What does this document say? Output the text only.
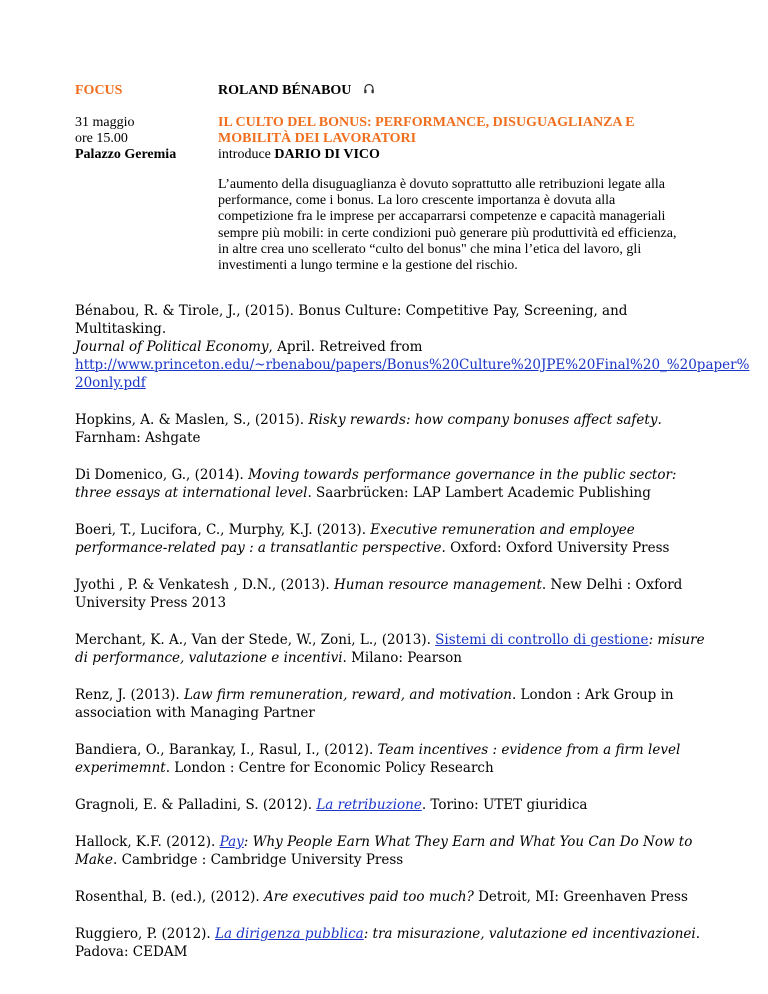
FOCUS	ROLAND BÉNABOU
31 maggio
ore 15.00
Palazzo Geremia
IL CULTO DEL BONUS: PERFORMANCE, DISUGUAGLIANZA E
MOBILITÀ DEI LAVORATORI
introduce DARIO DI VICO
L’aumento della disuguaglianza è dovuto soprattutto alle retribuzioni legate alla
performance, come i bonus. La loro crescente importanza è dovuta alla
competizione fra le imprese per accaparrarsi competenze e capacità manageriali
sempre più mobili: in certe condizioni può generare più produttività ed efficienza,
in altre crea uno scellerato “culto del bonus" che mina l’etica del lavoro, gli
investimenti a lungo termine e la gestione del rischio.
Bénabou, R. & Tirole, J., (2015). Bonus Culture: Competitive Pay, Screening, and Multitasking.
Journal of Political Economy, April. Retreived from
http://www.princeton.edu/~rbenabou/papers/Bonus%20Culture%20JPE%20Final%20_%20paper%
20only.pdf
Hopkins, A. & Maslen, S., (2015). Risky rewards: how company bonuses affect safety. Farnham: Ashgate
Di Domenico, G., (2014). Moving towards performance governance in the public sector: three essays at international level. Saarbrücken: LAP Lambert Academic Publishing
Boeri, T., Lucifora, C., Murphy, K.J. (2013). Executive remuneration and employee performance-related pay : a transatlantic perspective. Oxford: Oxford University Press
Jyothi , P. & Venkatesh , D.N., (2013). Human resource management. New Delhi : Oxford University Press 2013
Merchant, K. A., Van der Stede, W., Zoni, L., (2013). Sistemi di controllo di gestione: misure di performance, valutazione e incentivi. Milano: Pearson
Renz, J. (2013). Law firm remuneration, reward, and motivation. London : Ark Group in association with Managing Partner
Bandiera, O., Barankay, I., Rasul, I., (2012). Team incentives : evidence from a firm level experimemnt. London : Centre for Economic Policy Research
Gragnoli, E. & Palladini, S. (2012). La retribuzione. Torino: UTET giuridica
Hallock, K.F. (2012). Pay: Why People Earn What They Earn and What You Can Do Now to Make. Cambridge : Cambridge University Press
Rosenthal, B. (ed.), (2012). Are executives paid too much? Detroit, MI: Greenhaven Press
Ruggiero, P. (2012). La dirigenza pubblica: tra misurazione, valutazione ed incentivazionei. Padova: CEDAM
